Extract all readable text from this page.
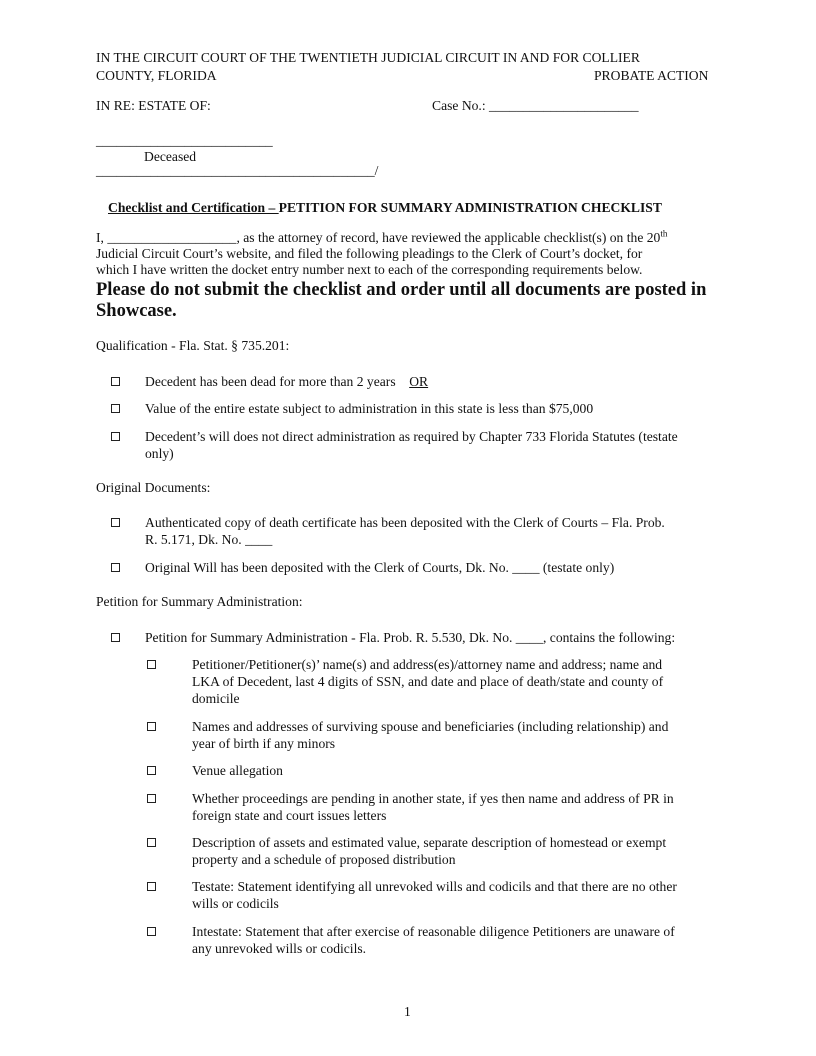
IN THE CIRCUIT COURT OF THE TWENTIETH JUDICIAL CIRCUIT IN AND FOR COLLIER
COUNTY, FLORIDA	PROBATE ACTION
IN RE: ESTATE OF:	Case No.: ______________________
__________________________
Deceased
_________________________________________/
Checklist and Certification – PETITION FOR SUMMARY ADMINISTRATION CHECKLIST
I, ___________________, as the attorney of record, have reviewed the applicable checklist(s) on the 20th
Judicial Circuit Court’s website, and filed the following pleadings to the Clerk of Court’s docket, for
which I have written the docket entry number next to each of the corresponding requirements below.
Please do not submit the checklist and order until all documents are posted in
Showcase.
Qualification - Fla. Stat. § 735.201:
Decedent has been dead for more than 2 years OR
Value of the entire estate subject to administration in this state is less than $75,000
Decedent’s will does not direct administration as required by Chapter 733 Florida Statutes (testate
only)
Original Documents:
Authenticated copy of death certificate has been deposited with the Clerk of Courts – Fla. Prob.
R. 5.171, Dk. No. ____
Original Will has been deposited with the Clerk of Courts, Dk. No. ____ (testate only)
Petition for Summary Administration:
Petition for Summary Administration - Fla. Prob. R. 5.530, Dk. No. ____, contains the following:
Petitioner/Petitioner(s)’ name(s) and address(es)/attorney name and address; name and
LKA of Decedent, last 4 digits of SSN, and date and place of death/state and county of
domicile
Names and addresses of surviving spouse and beneficiaries (including relationship) and
year of birth if any minors
Venue allegation
Whether proceedings are pending in another state, if yes then name and address of PR in
foreign state and court issues letters
Description of assets and estimated value, separate description of homestead or exempt
property and a schedule of proposed distribution
Testate: Statement identifying all unrevoked wills and codicils and that there are no other
wills or codicils
Intestate: Statement that after exercise of reasonable diligence Petitioners are unaware of
any unrevoked wills or codicils.
1
